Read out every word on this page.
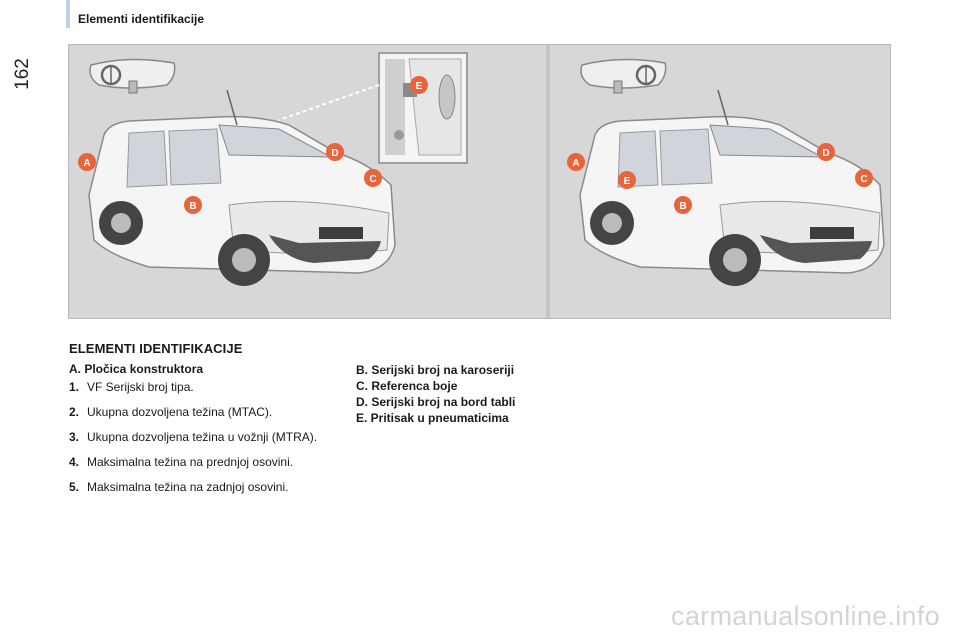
162
Elementi identifikacije
A
B
C
D
E
A
E
B
D
C
ELEMENTI IDENTIFIKACIJE
A. Pločica konstruktora
1. VF Serijski broj tipa.
2. Ukupna dozvoljena težina (MTAC).
3. Ukupna dozvoljena težina u vožnji (MTRA).
4. Maksimalna težina na prednjoj osovini.
5. Maksimalna težina na zadnjoj osovini.
B. Serijski broj na karoseriji
C. Referenca boje
D. Serijski broj na bord tabli
E. Pritisak u pneumaticima
carmanualsonline.info
